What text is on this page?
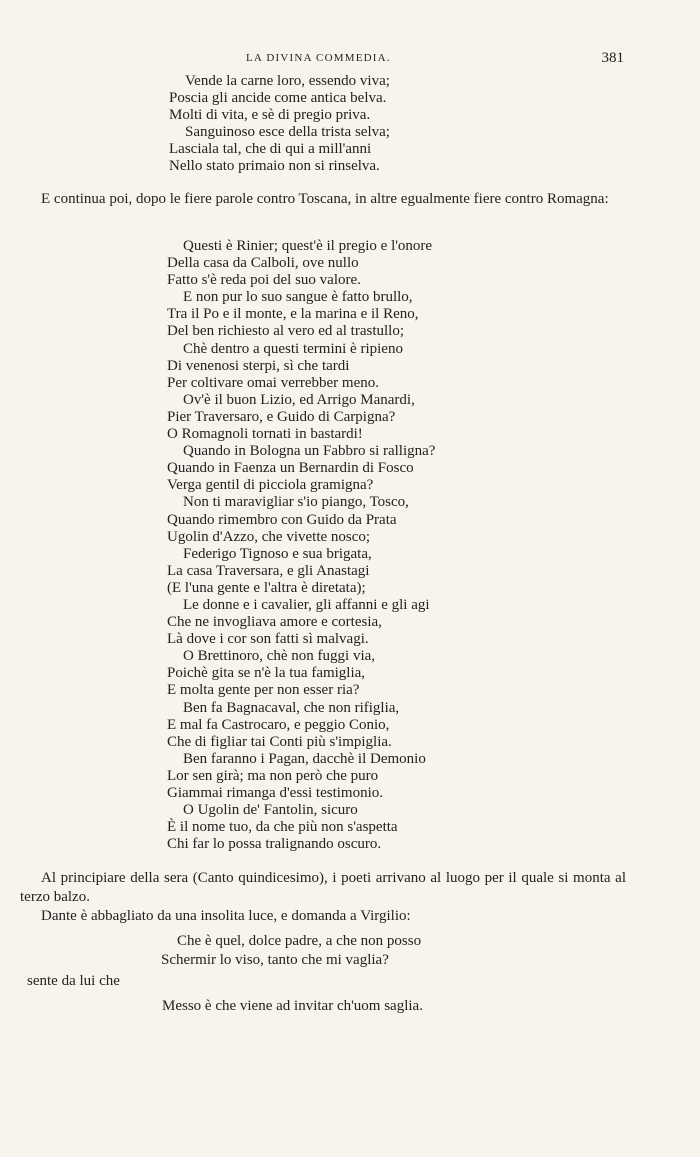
LA DIVINA COMMEDIA.	381
Vende la carne loro, essendo viva;
Poscia gli ancide come antica belva.
Molti di vita, e sè di pregio priva.
Sanguinoso esce della trista selva;
Lasciala tal, che di qui a mill'anni
Nello stato primaio non si rinselva.
E continua poi, dopo le fiere parole contro Toscana, in altre egualmente fiere contro Romagna:
Questi è Rinier; quest'è il pregio e l'onore
Della casa da Calboli, ove nullo
Fatto s'è reda poi del suo valore.
E non pur lo suo sangue è fatto brullo,
Tra il Po e il monte, e la marina e il Reno,
Del ben richiesto al vero ed al trastullo;
Chè dentro a questi termini è ripieno
Di venenosi sterpi, sì che tardi
Per coltivare omai verrebber meno.
Ov'è il buon Lizio, ed Arrigo Manardi,
Pier Traversaro, e Guido di Carpigna?
O Romagnoli tornati in bastardi!
Quando in Bologna un Fabbro si rallignа?
Quando in Faenza un Bernardin di Fosco
Verga gentil di picciola gramigna?
Non ti maravigliar s'io piango, Tosco,
Quando rimembro con Guido da Prata
Ugolin d'Azzo, che vivette nosco;
Federigo Tignoso e sua brigata,
La casa Traversara, e gli Anastagi
(E l'una gente e l'altra è diretata);
Le donne e i cavalier, gli affanni e gli agi
Che ne invogliava amore e cortesia,
Là dove i cor son fatti sì malvagi.
O Brettinoro, chè non fuggi via,
Poichè gita se n'è la tua famiglia,
E molta gente per non esser ria?
Ben fa Bagnacaval, che non rifiglia,
E mal fa Castrocaro, e peggio Conio,
Che di figliar tai Conti più s'impiglia.
Ben faranno i Pagan, dacchè il Demonio
Lor sen girà; ma non però che puro
Giammai rimanga d'essi testimonio.
O Ugolin de' Fantolin, sicuro
È il nome tuo, da che più non s'aspetta
Chi far lo possa tralignando oscuro.
Al principiare della sera (Canto quindicesimo), i poeti arrivano al luogo per il quale si monta al terzo balzo.
Dante è abbagliato da una insolita luce, e domanda a Virgilio:
Che è quel, dolce padre, a che non posso
Schermir lo viso, tanto che mi vaglia?
sente da lui che
Messo è che viene ad invitar ch'uom saglia.
